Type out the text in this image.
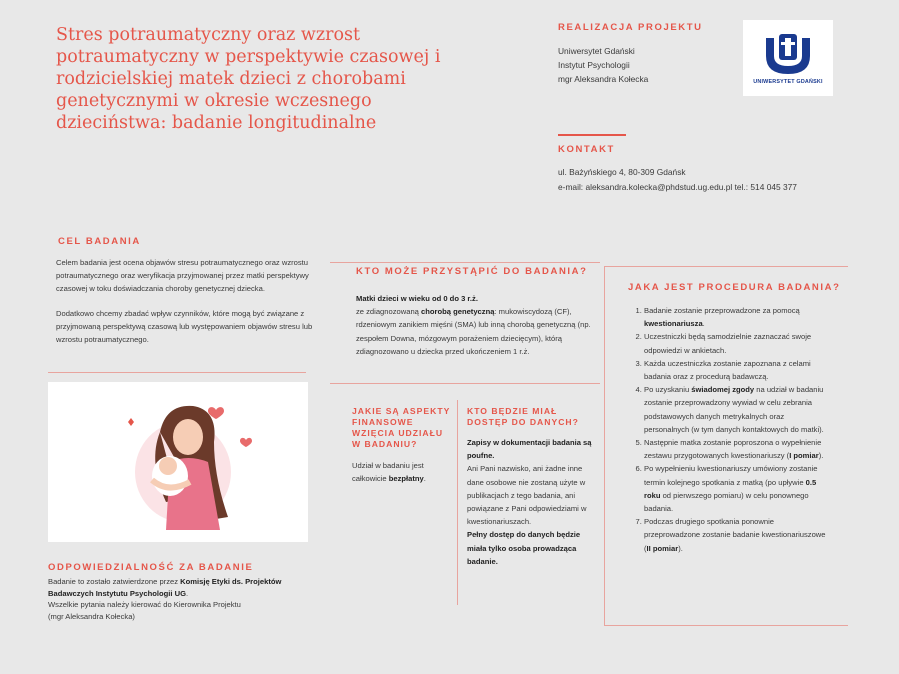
Stres potraumatyczny oraz wzrost potraumatyczny w perspektywie czasowej i rodzicielskiej matek dzieci z chorobami genetycznymi w okresie wczesnego dzieciństwa: badanie longitudinalne
REALIZACJA PROJEKTU
Uniwersytet Gdański
Instytut Psychologii
mgr Aleksandra Kołecka	UNIWERSYTET GDAŃSKI
KONTAKT
ul. Bażyńskiego 4, 80-309 Gdańsk
e-mail: aleksandra.kolecka@phdstud.ug.edu.pl tel.: 514 045 377
CEL BADANIA

Celem badania jest ocena objawów stresu potraumatycznego oraz wzrostu potraumatycznego oraz weryfikacja przyjmowanej przez matki perspektywy czasowej w toku doświadczania choroby genetycznej dziecka.

Dodatkowo chcemy zbadać wpływ czynników, które mogą być związane z przyjmowaną perspektywą czasową lub występowaniem objawów stresu lub wzrostu potraumatycznego.

ODPOWIEDZIALNOŚĆ ZA BADANIE
Badanie to zostało zatwierdzone przez Komisję Etyki ds. Projektów Badawczych Instytutu Psychologii UG.
Wszelkie pytania należy kierować do Kierownika Projektu
(mgr Aleksandra Kołecka)
KTO MOŻE PRZYSTĄPIĆ DO BADANIA?
Matki dzieci w wieku od 0 do 3 r.ż.
ze zdiagnozowaną chorobą genetyczną: mukowiscydozą (CF), rdzeniowym zanikiem mięśni (SMA) lub inną chorobą genetyczną (np. zespołem Downa, mózgowym porażeniem dziecięcym), którą zdiagnozowano u dziecka przed ukończeniem 1 r.ż.
JAKIE SĄ ASPEKTY FINANSOWE WZIĘCIA UDZIAŁU W BADANIU?
Udział w badaniu jest całkowicie bezpłatny.
KTO BĘDZIE MIAŁ DOSTĘP DO DANYCH?
Zapisy w dokumentacji badania są poufne.
Ani Pani nazwisko, ani żadne inne dane osobowe nie zostaną użyte w publikacjach z tego badania, ani powiązane z Pani odpowiedziami w kwestionariuszach.
Pełny dostęp do danych będzie miała tylko osoba prowadząca badanie.
JAKA JEST PROCEDURA BADANIA?
1. Badanie zostanie przeprowadzone za pomocą kwestionariusza.
2. Uczestniczki będą samodzielnie zaznaczać swoje odpowiedzi w ankietach.
3. Każda uczestniczka zostanie zapoznana z celami badania oraz z procedurą badawczą.
4. Po uzyskaniu świadomej zgody na udział w badaniu zostanie przeprowadzony wywiad w celu zebrania podstawowych danych metrykalnych oraz personalnych (w tym danych kontaktowych do matki).
5. Następnie matka zostanie poproszona o wypełnienie zestawu przygotowanych kwestionariuszy (I pomiar).
6. Po wypełnieniu kwestionariuszy umówiony zostanie termin kolejnego spotkania z matką (po upływie 0.5 roku od pierwszego pomiaru) w celu ponownego badania.
7. Podczas drugiego spotkania ponownie przeprowadzone zostanie badanie kwestionariuszowe (II pomiar).
